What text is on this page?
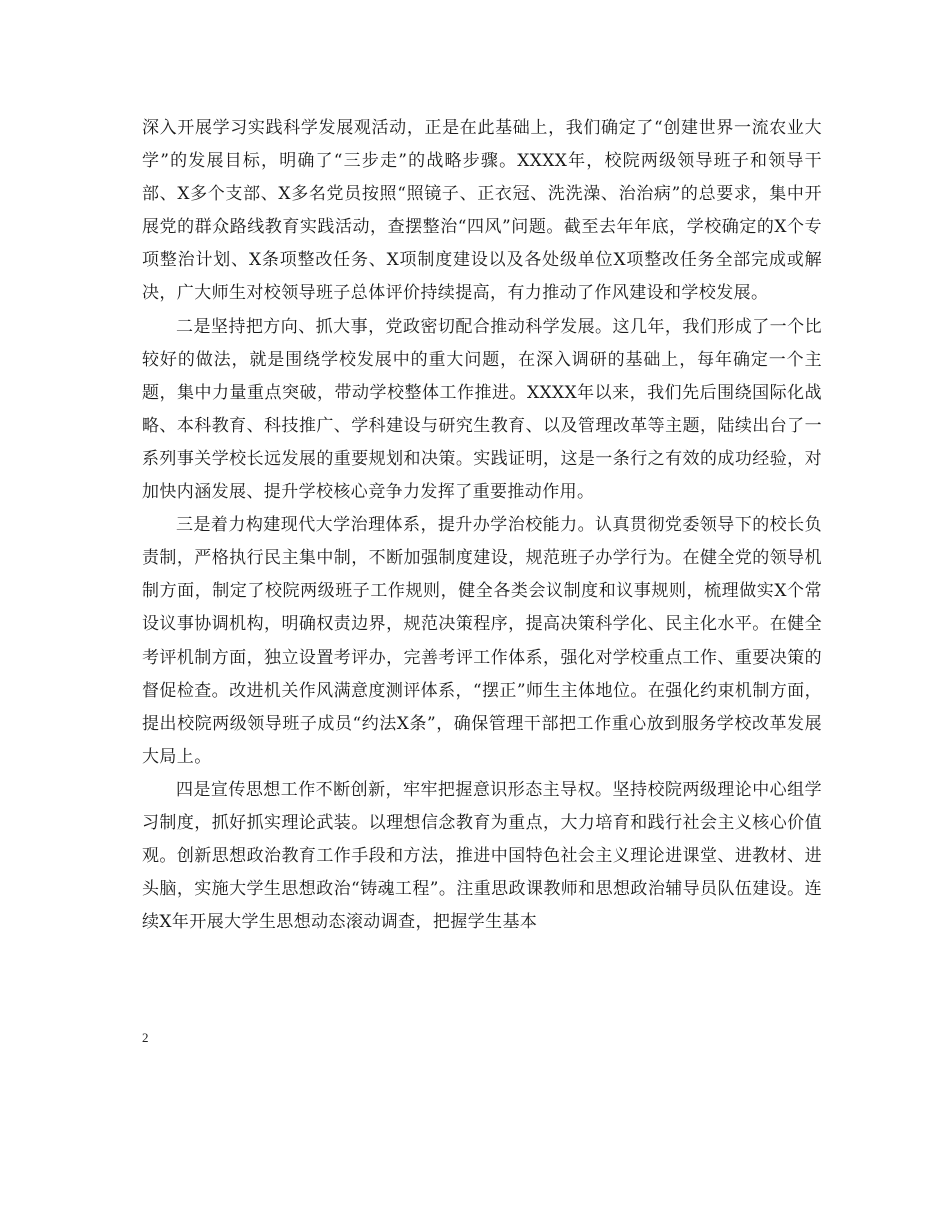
深入开展学习实践科学发展观活动，正是在此基础上，我们确定了“创建世界一流农业大学”的发展目标，明确了“三步走”的战略步骤。XXXX年，校院两级领导班子和领导干部、X多个支部、X多名党员按照“照镜子、正衣冠、洗洗澡、治治病”的总要求，集中开展党的群众路线教育实践活动，查摆整治“四风”问题。截至去年年底，学校确定的X个专项整治计划、X条项整改任务、X项制度建设以及各处级单位X项整改任务全部完成或解决，广大师生对校领导班子总体评价持续提高，有力推动了作风建设和学校发展。

二是坚持把方向、抓大事，党政密切配合推动科学发展。这几年，我们形成了一个比较好的做法，就是围绕学校发展中的重大问题，在深入调研的基础上，每年确定一个主题，集中力量重点突破，带动学校整体工作推进。XXXX年以来，我们先后围绕国际化战略、本科教育、科技推广、学科建设与研究生教育、以及管理改革等主题，陆续出台了一系列事关学校长远发展的重要规划和决策。实践证明，这是一条行之有效的成功经验，对加快内涵发展、提升学校核心竞争力发挥了重要推动作用。

三是着力构建现代大学治理体系，提升办学治校能力。认真贯彻党委领导下的校长负责制，严格执行民主集中制，不断加强制度建设，规范班子办学行为。在健全党的领导机制方面，制定了校院两级班子工作规则，健全各类会议制度和议事规则，梳理做实X个常设议事协调机构，明确权责边界，规范决策程序，提高决策科学化、民主化水平。在健全考评机制方面，独立设置考评办，完善考评工作体系，强化对学校重点工作、重要决策的督促检查。改进机关作风满意度测评体系，“摆正”师生主体地位。在强化约束机制方面，提出校院两级领导班子成员“约法X条”，确保管理干部把工作重心放到服务学校改革发展大局上。

四是宣传思想工作不断创新，牢牢把握意识形态主导权。坚持校院两级理论中心组学习制度，抓好抓实理论武装。以理想信念教育为重点，大力培育和践行社会主义核心价值观。创新思想政治教育工作手段和方法，推进中国特色社会主义理论进课堂、进教材、进头脑，实施大学生思想政治“铸魂工程”。注重思政课教师和思想政治辅导员队伍建设。连续X年开展大学生思想动态滚动调查，把握学生基本

2
